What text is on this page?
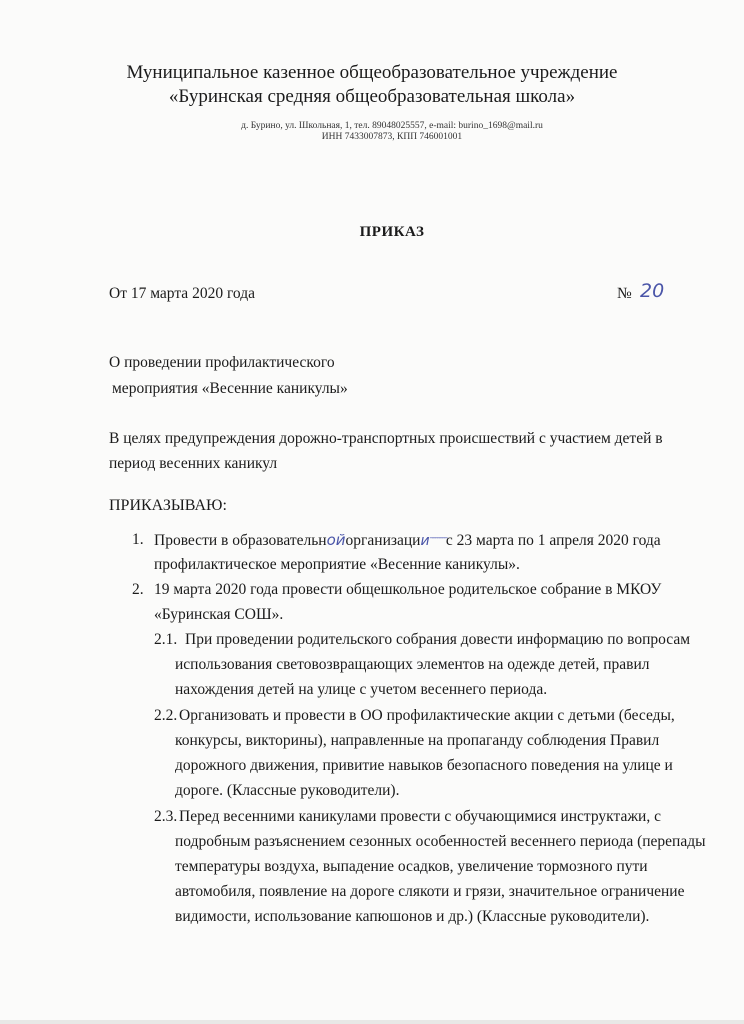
Муниципальное казенное общеобразовательное учреждение
«Буринская средняя общеобразовательная школа»
д. Бурино, ул. Школьная, 1, тел. 89048025557, e-mail: burino_1698@mail.ru
ИНН 7433007873, КПП 746001001
ПРИКАЗ
От 17 марта 2020 года	№ 20
О проведении профилактического
мероприятия «Весенние каникулы»
В целях предупреждения дорожно-транспортных происшествий с участием детей в
период весенних каникул
ПРИКАЗЫВАЮ:
1. Провести в образовательнойорганизацииˉˉˉˉˉˉˉс 23 марта по 1 апреля 2020 года
профилактическое мероприятие «Весенние каникулы».
2. 19 марта 2020 года провести общешкольное родительское собрание в МКОУ
«Буринская СОШ».
2.1. При проведении родительского собрания довести информацию по вопросам
использования световозвращающих элементов на одежде детей, правил
нахождения детей на улице с учетом весеннего периода.
2.2. Организовать и провести в ОО профилактические акции с детьми (беседы,
конкурсы, викторины), направленные на пропаганду соблюдения Правил
дорожного движения, привитие навыков безопасного поведения на улице и
дороге. (Классные руководители).
2.3. Перед весенними каникулами провести с обучающимися инструктажи, с
подробным разъяснением сезонных особенностей весеннего периода (перепады
температуры воздуха, выпадение осадков, увеличение тормозного пути
автомобиля, появление на дороге слякоти и грязи, значительное ограничение
видимости, использование капюшонов и др.) (Классные руководители).
